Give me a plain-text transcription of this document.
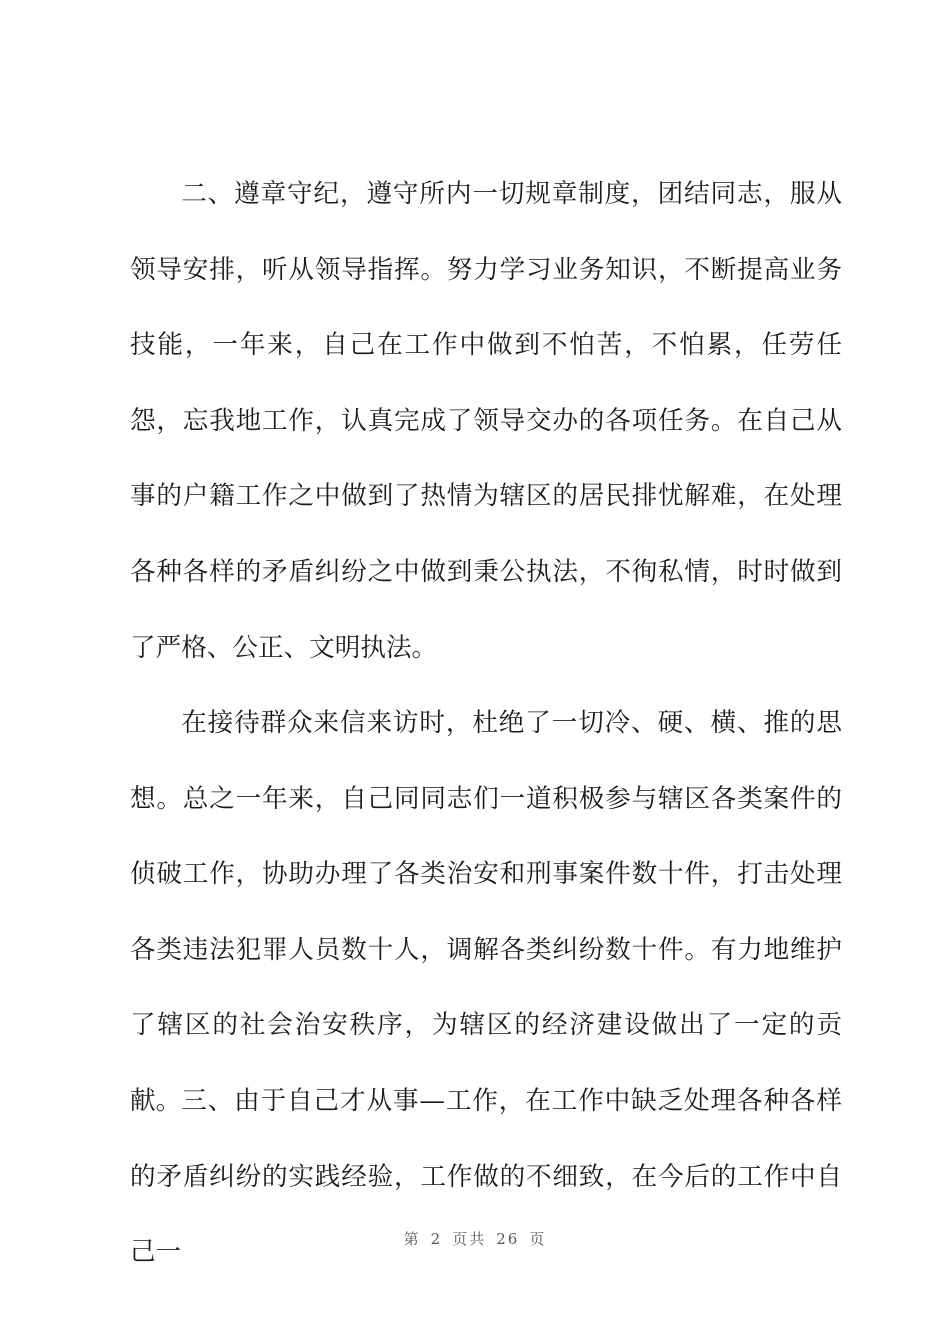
二、遵章守纪，遵守所内一切规章制度，团结同志，服从领导安排，听从领导指挥。努力学习业务知识，不断提高业务技能，一年来，自己在工作中做到不怕苦，不怕累，任劳任怨，忘我地工作，认真完成了领导交办的各项任务。在自己从事的户籍工作之中做到了热情为辖区的居民排忧解难，在处理各种各样的矛盾纠纷之中做到秉公执法，不徇私情，时时做到了严格、公正、文明执法。

在接待群众来信来访时，杜绝了一切冷、硬、横、推的思想。总之一年来，自己同同志们一道积极参与辖区各类案件的侦破工作，协助办理了各类治安和刑事案件数十件，打击处理各类违法犯罪人员数十人，调解各类纠纷数十件。有力地维护了辖区的社会治安秩序，为辖区的经济建设做出了一定的贡献。 三、由于自己才从事—工作，在工作中缺乏处理各种各样的矛盾纠纷的实践经验，工作做的不细致，在今后的工作中自己一	第 2 页共 26 页
